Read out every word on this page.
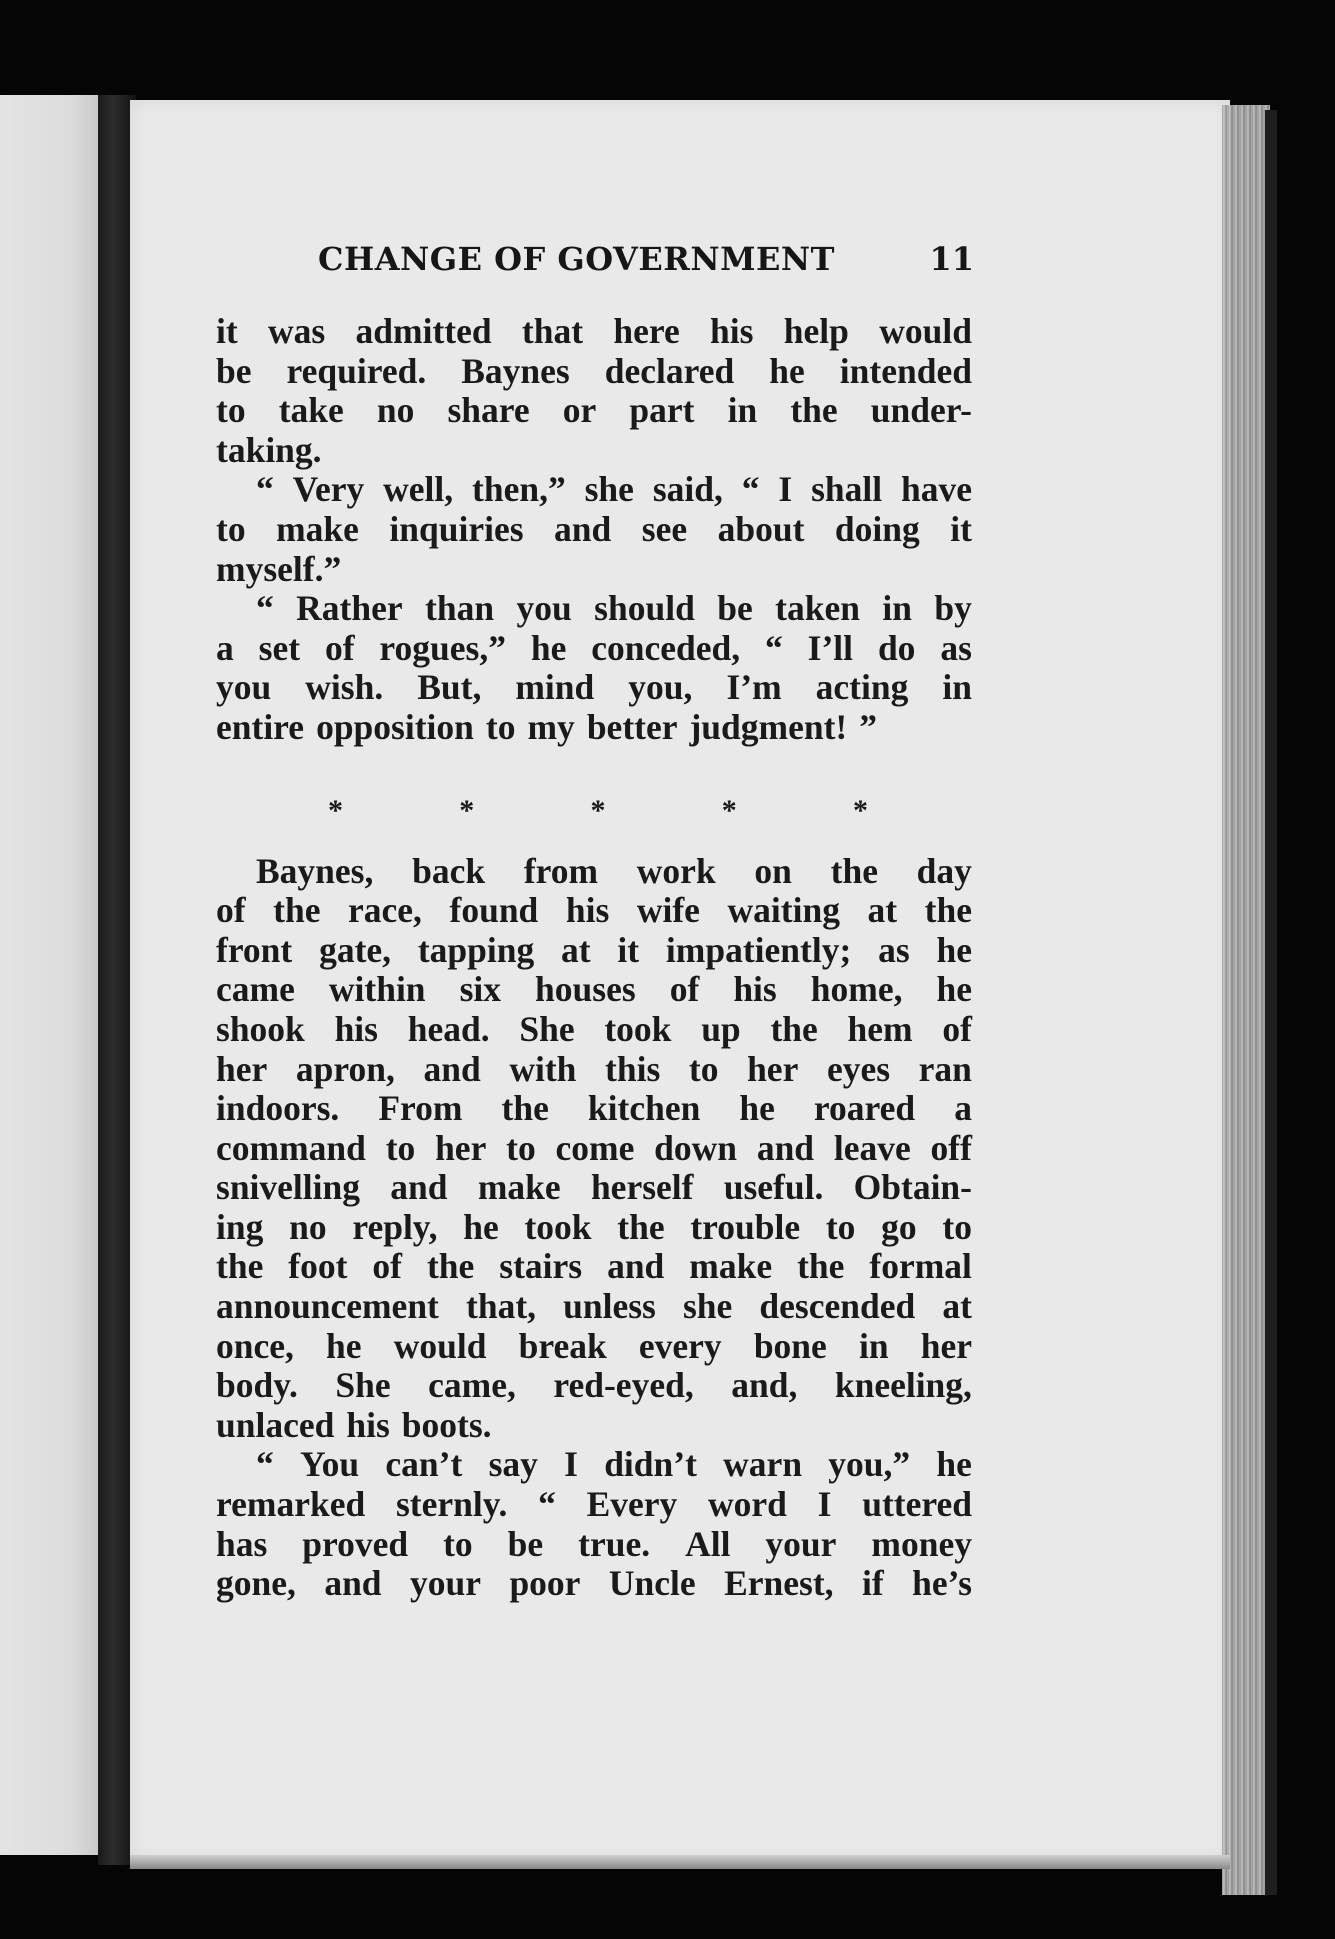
CHANGE OF GOVERNMENT	11
it was admitted that here his help would
be required. Baynes declared he intended
to take no share or part in the under-
taking.
“ Very well, then,” she said, “ I shall have
to make inquiries and see about doing it
myself.”
“ Rather than you should be taken in by
a set of rogues,” he conceded, “ I’ll do as
you wish. But, mind you, I’m acting in
entire opposition to my better judgment! ”
*	*	*	*	*
Baynes, back from work on the day
of the race, found his wife waiting at the
front gate, tapping at it impatiently; as he
came within six houses of his home, he
shook his head. She took up the hem of
her apron, and with this to her eyes ran
indoors. From the kitchen he roared a
command to her to come down and leave off
snivelling and make herself useful. Obtain-
ing no reply, he took the trouble to go to
the foot of the stairs and make the formal
announcement that, unless she descended at
once, he would break every bone in her
body. She came, red-eyed, and, kneeling,
unlaced his boots.
“ You can’t say I didn’t warn you,” he
remarked sternly. “ Every word I uttered
has proved to be true. All your money
gone, and your poor Uncle Ernest, if he’s
